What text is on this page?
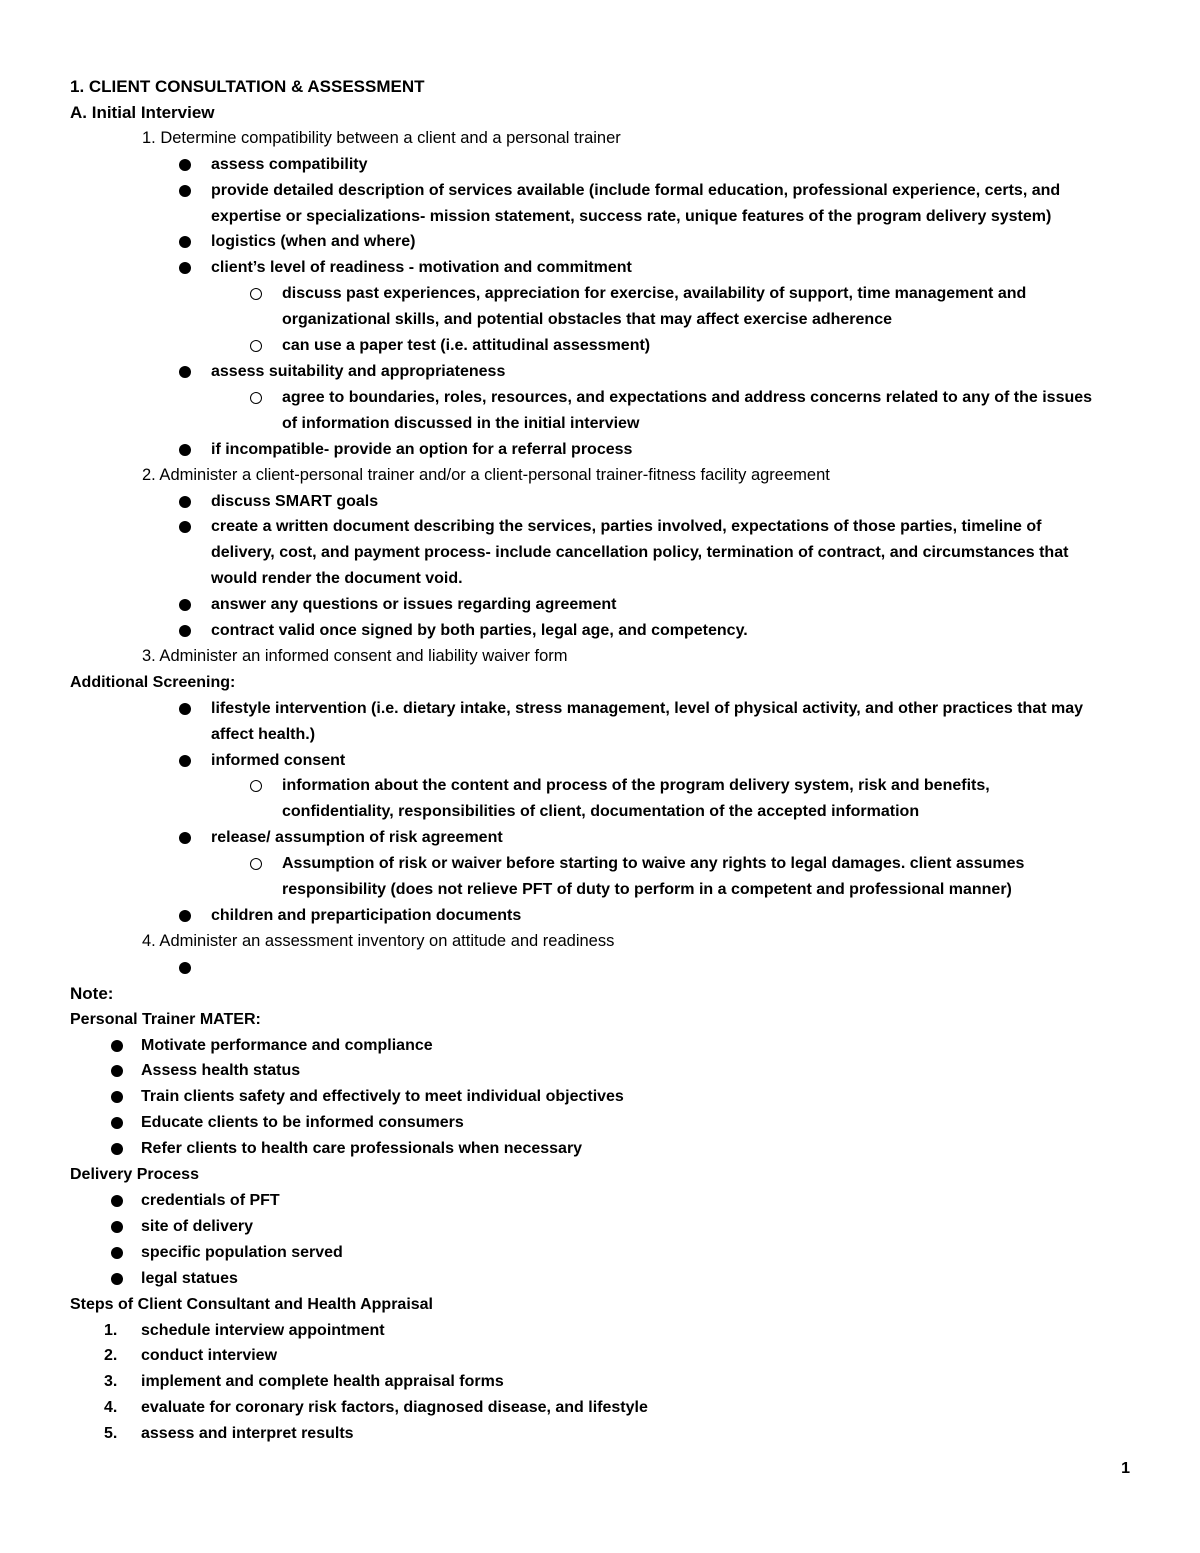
1. CLIENT CONSULTATION & ASSESSMENT
A. Initial Interview
1. Determine compatibility between a client and a personal trainer
assess compatibility
provide detailed description of services available (include formal education, professional experience, certs, and
expertise or specializations- mission statement, success rate, unique features of the program delivery system)
logistics (when and where)
client’s level of readiness - motivation and commitment
discuss past experiences, appreciation for exercise, availability of support, time management and
organizational skills, and potential obstacles that may affect exercise adherence
can use a paper test (i.e. attitudinal assessment)
assess suitability and appropriateness
agree to boundaries, roles, resources, and expectations and address concerns related to any of the issues
of information discussed in the initial interview
if incompatible- provide an option for a referral process
2. Administer a client-personal trainer and/or a client-personal trainer-fitness facility agreement
discuss SMART goals
create a written document describing the services, parties involved, expectations of those parties, timeline of
delivery, cost, and payment process- include cancellation policy, termination of contract, and circumstances that
would render the document void.
answer any questions or issues regarding agreement
contract valid once signed by both parties, legal age, and competency.
3. Administer an informed consent and liability waiver form
Additional Screening:
lifestyle intervention (i.e. dietary intake, stress management, level of physical activity, and other practices that may
affect health.)
informed consent
information about the content and process of the program delivery system, risk and benefits,
confidentiality, responsibilities of client, documentation of the accepted information
release/ assumption of risk agreement
Assumption of risk or waiver before starting to waive any rights to legal damages. client assumes
responsibility (does not relieve PFT of duty to perform in a competent and professional manner)
children and preparticipation documents
4. Administer an assessment inventory on attitude and readiness

Note:
Personal Trainer MATER:
Motivate performance and compliance
Assess health status
Train clients safety and effectively to meet individual objectives
Educate clients to be informed consumers
Refer clients to health care professionals when necessary
Delivery Process
credentials of PFT
site of delivery
specific population served
legal statues
Steps of Client Consultant and Health Appraisal
1. schedule interview appointment
2. conduct interview
3. implement and complete health appraisal forms
4. evaluate for coronary risk factors, diagnosed disease, and lifestyle
5. assess and interpret results
1
